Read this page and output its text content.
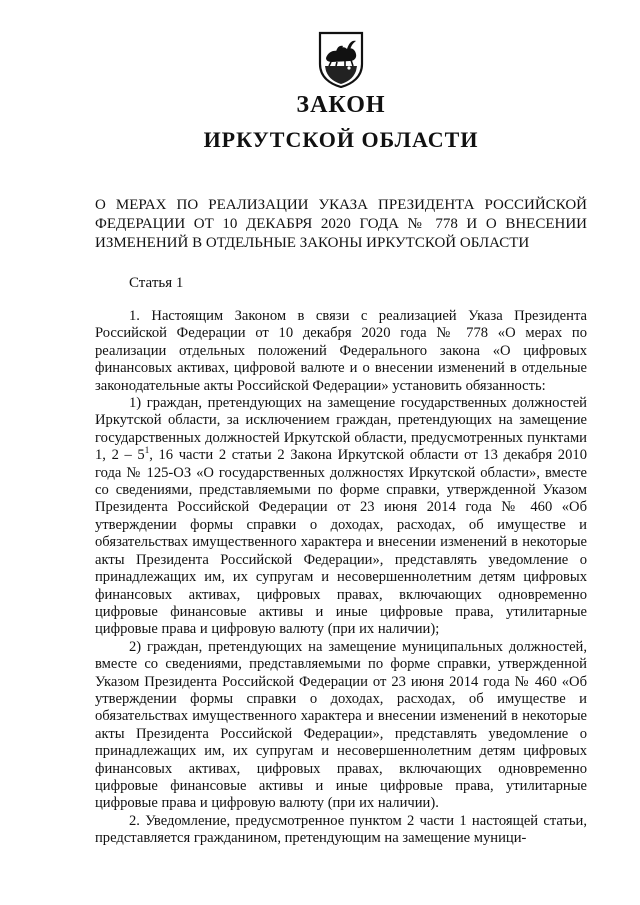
ЗАКОН
ИРКУТСКОЙ ОБЛАСТИ
О МЕРАХ ПО РЕАЛИЗАЦИИ УКАЗА ПРЕЗИДЕНТА РОССИЙСКОЙ ФЕДЕРАЦИИ ОТ 10 ДЕКАБРЯ 2020 ГОДА № 778 И О ВНЕСЕНИИ ИЗМЕНЕНИЙ В ОТДЕЛЬНЫЕ ЗАКОНЫ ИРКУТСКОЙ ОБЛАСТИ
Статья 1

1. Настоящим Законом в связи с реализацией Указа Президента Российской Федерации от 10 декабря 2020 года № 778 «О мерах по реализации отдельных положений Федерального закона «О цифровых финансовых активах, цифровой валюте и о внесении изменений в отдельные законодательные акты Российской Федерации» установить обязанность:

1) граждан, претендующих на замещение государственных должностей Иркутской области, за исключением граждан, претендующих на замещение государственных должностей Иркутской области, предусмотренных пунктами 1, $2 - 5^1$, 16 части 2 статьи 2 Закона Иркутской области от 13 декабря 2010 года № 125-ОЗ «О государственных должностях Иркутской области», вместе со сведениями, представляемыми по форме справки, утвержденной Указом Президента Российской Федерации от 23 июня 2014 года № 460 «Об утверждении формы справки о доходах, расходах, об имуществе и обязательствах имущественного характера и внесении изменений в некоторые акты Президента Российской Федерации», представлять уведомление о принадлежащих им, их супругам и несовершеннолетним детям цифровых финансовых активах, цифровых правах, включающих одновременно цифровые финансовые активы и иные цифровые права, утилитарные цифровые права и цифровую валюту (при их наличии);

2) граждан, претендующих на замещение муниципальных должностей, вместе со сведениями, представляемыми по форме справки, утвержденной Указом Президента Российской Федерации от 23 июня 2014 года № 460 «Об утверждении формы справки о доходах, расходах, об имуществе и обязательствах имущественного характера и внесении изменений в некоторые акты Президента Российской Федерации», представлять уведомление о принадлежащих им, их супругам и несовершеннолетним детям цифровых финансовых активах, цифровых правах, включающих одновременно цифровые финансовые активы и иные цифровые права, утилитарные цифровые права и цифровую валюту (при их наличии).

2. Уведомление, предусмотренное пунктом 2 части 1 настоящей статьи, представляется гражданином, претендующим на замещение муници-
